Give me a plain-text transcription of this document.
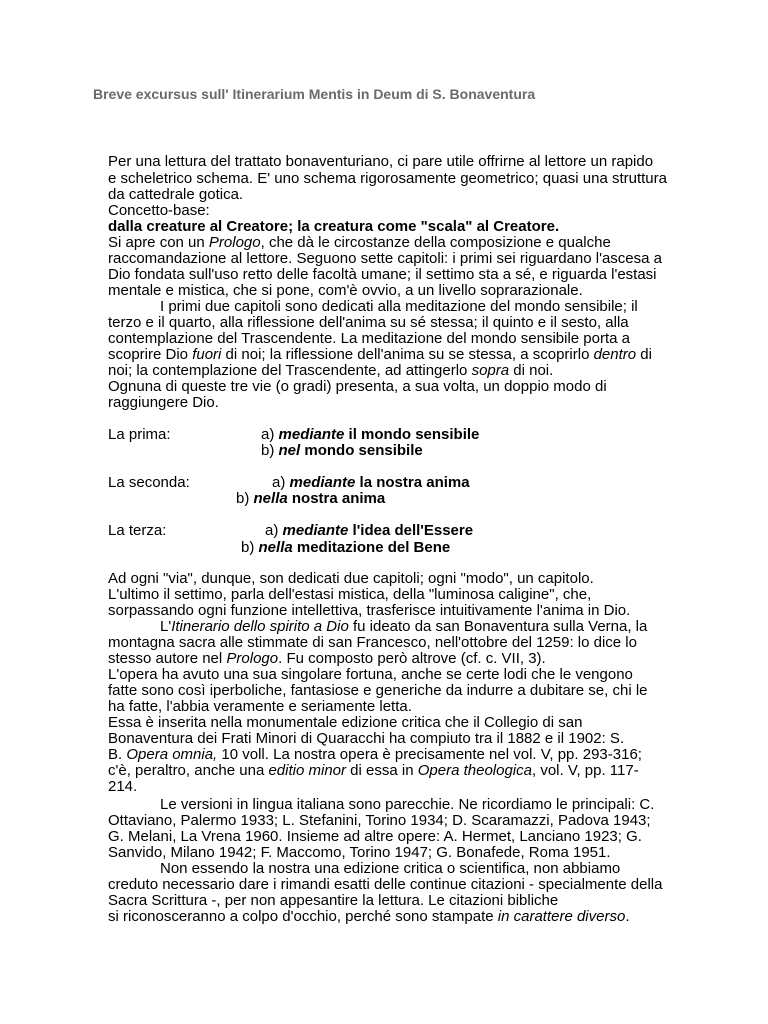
Breve excursus sull' Itinerarium Mentis in Deum di S. Bonaventura
Per una lettura del trattato bonaventuriano, ci pare utile offrirne al lettore un rapido
e scheletrico schema. E' uno schema rigorosamente geometrico; quasi una struttura
da cattedrale gotica.
Concetto-base:
dalla creature al Creatore; la creatura come "scala" al Creatore.
Si apre con un Prologo, che dà le circostanze della composizione e qualche
raccomandazione al lettore. Seguono sette capitoli: i primi sei riguardano l'ascesa a
Dio fondata sull'uso retto delle facoltà umane; il settimo sta a sé, e riguarda l'estasi
mentale e mistica, che si pone, com'è ovvio, a un livello soprarazionale.
I primi due capitoli sono dedicati alla meditazione del mondo sensibile; il
terzo e il quarto, alla riflessione dell'anima su sé stessa; il quinto e il sesto, alla
contemplazione del Trascendente. La meditazione del mondo sensibile porta a
scoprire Dio fuori di noi; la riflessione dell'anima su se stessa, a scoprirlo dentro di
noi; la contemplazione del Trascendente, ad attingerlo sopra di noi.
Ognuna di queste tre vie (o gradi) presenta, a sua volta, un doppio modo di
raggiungere Dio.
La prima:	a) mediante il mondo sensibile
b) nel mondo sensibile
La seconda:	a) mediante la nostra anima
b) nella nostra anima
La terza:	a) mediante l'idea dell'Essere
b) nella meditazione del Bene
Ad ogni "via", dunque, son dedicati due capitoli; ogni "modo", un capitolo.
L'ultimo il settimo, parla dell'estasi mistica, della "luminosa caligine", che,
sorpassando ogni funzione intellettiva, trasferisce intuitivamente l'anima in Dio.
L'Itinerario dello spirito a Dio fu ideato da san Bonaventura sulla Verna, la
montagna sacra alle stimmate di san Francesco, nell'ottobre del 1259: lo dice lo
stesso autore nel Prologo. Fu composto però altrove (cf. c. VII, 3).
L'opera ha avuto una sua singolare fortuna, anche se certe lodi che le vengono
fatte sono così iperboliche, fantasiose e generiche da indurre a dubitare se, chi le
ha fatte, l'abbia veramente e seriamente letta.
Essa è inserita nella monumentale edizione critica che il Collegio di san
Bonaventura dei Frati Minori di Quaracchi ha compiuto tra il 1882 e il 1902: S.
B. Opera omnia, 10 voll. La nostra opera è precisamente nel vol. V, pp. 293-316;
c'è, peraltro, anche una editio minor di essa in Opera theologica, vol. V, pp. 117-
214.
Le versioni in lingua italiana sono parecchie. Ne ricordiamo le principali: C.
Ottaviano, Palermo 1933; L. Stefanini, Torino 1934; D. Scaramazzi, Padova 1943;
G. Melani, La Vrena 1960. Insieme ad altre opere: A. Hermet, Lanciano 1923; G.
Sanvido, Milano 1942; F. Maccomo, Torino 1947; G. Bonafede, Roma 1951.
Non essendo la nostra una edizione critica o scientifica, non abbiamo
creduto necessario dare i rimandi esatti delle continue citazioni - specialmente della
Sacra Scrittura -, per non appesantire la lettura. Le citazioni bibliche
si riconosceranno a colpo d'occhio, perché sono stampate in carattere diverso.
